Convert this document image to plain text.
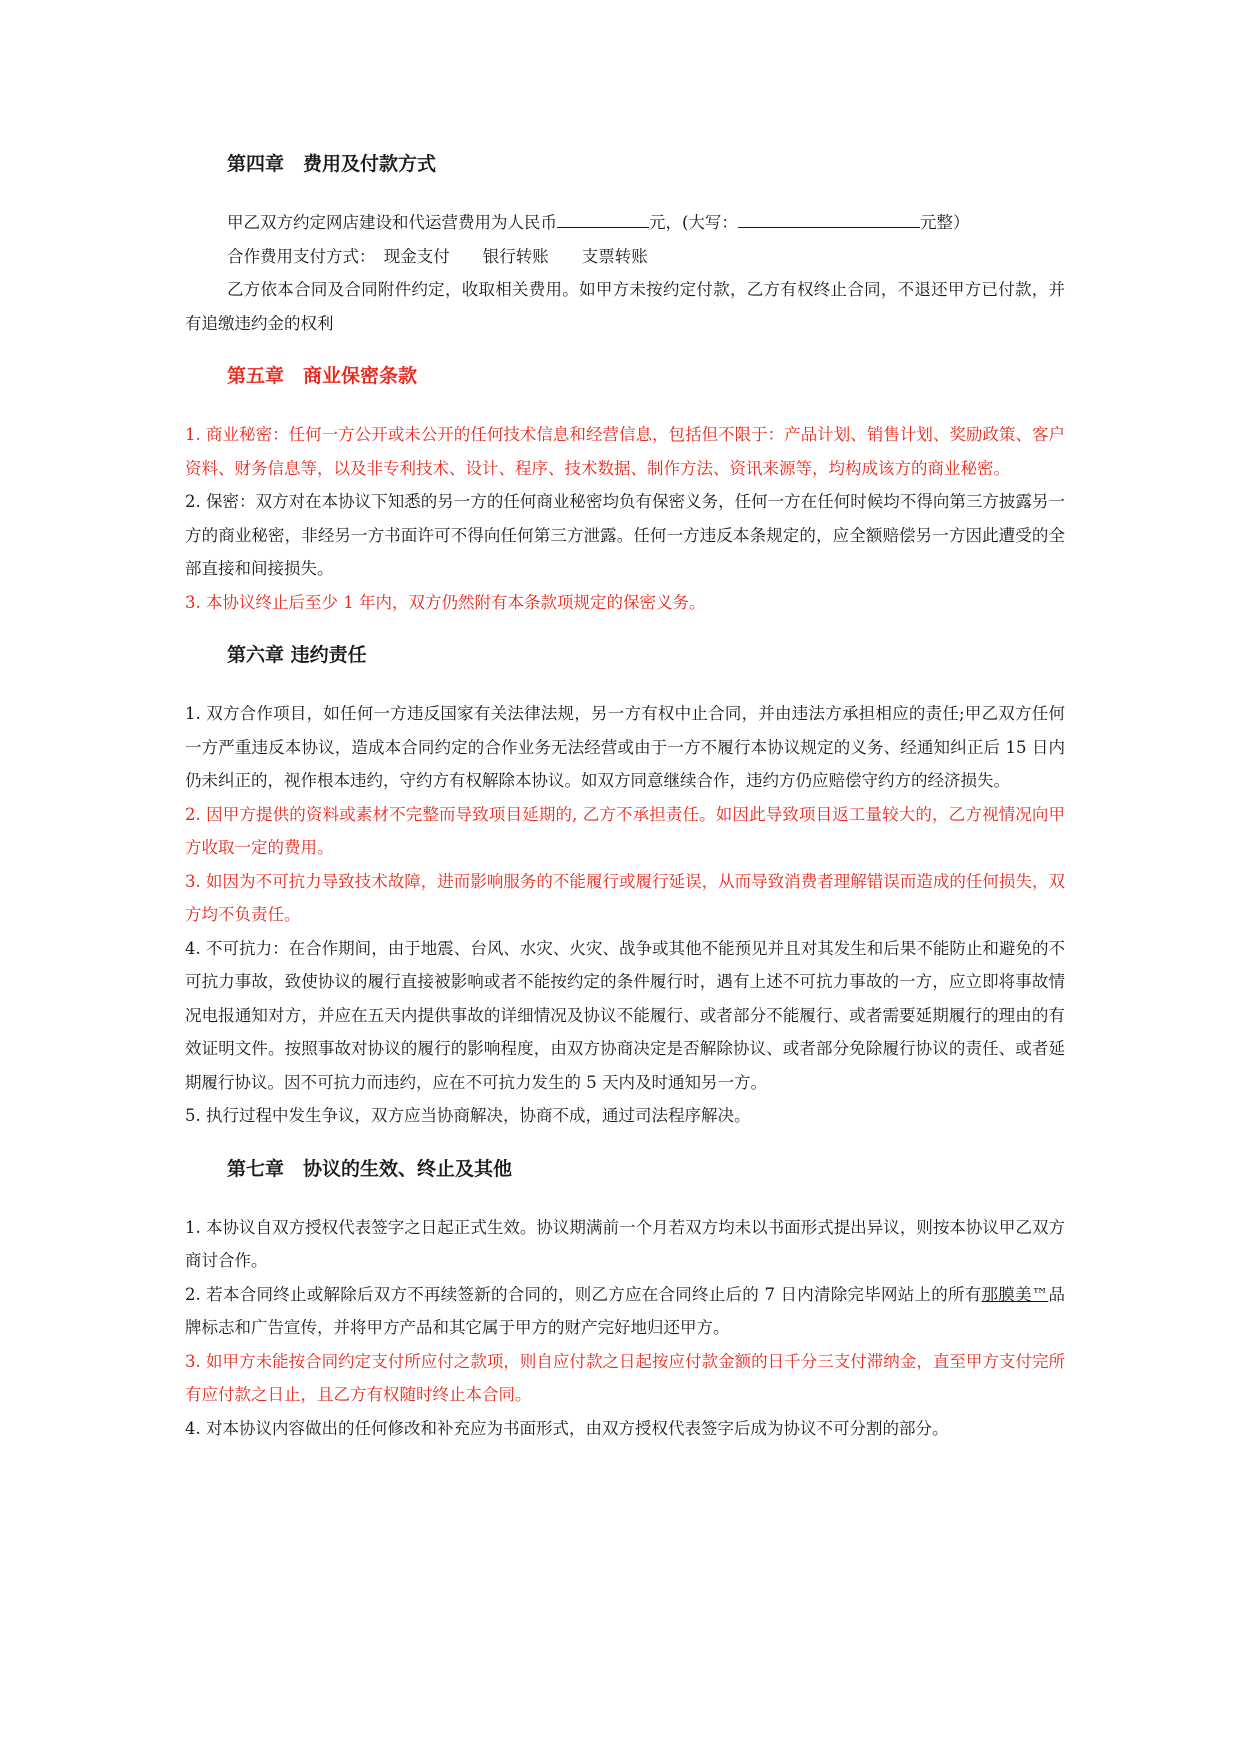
第四章　费用及付款方式
甲乙双方约定网店建设和代运营费用为人民币	元，(大写：	元整）
合作费用支付方式：　现金支付　　银行转账　　支票转账
乙方依本合同及合同附件约定，收取相关费用。如甲方未按约定付款，乙方有权终止合同，不退还甲方已付款，并有追缴违约金的权利
第五章　商业保密条款
1. 商业秘密：任何一方公开或未公开的任何技术信息和经营信息，包括但不限于：产品计划、销售计划、奖励政策、客户资料、财务信息等，以及非专利技术、设计、程序、技术数据、制作方法、资讯来源等，均构成该方的商业秘密。
2. 保密：双方对在本协议下知悉的另一方的任何商业秘密均负有保密义务，任何一方在任何时候均不得向第三方披露另一方的商业秘密，非经另一方书面许可不得向任何第三方泄露。任何一方违反本条规定的，应全额赔偿另一方因此遭受的全部直接和间接损失。
3. 本协议终止后至少 1 年内，双方仍然附有本条款项规定的保密义务。
第六章 违约责任
1. 双方合作项目，如任何一方违反国家有关法律法规，另一方有权中止合同，并由违法方承担相应的责任;甲乙双方任何一方严重违反本协议，造成本合同约定的合作业务无法经营或由于一方不履行本协议规定的义务、经通知纠正后 15 日内仍未纠正的，视作根本违约，守约方有权解除本协议。如双方同意继续合作，违约方仍应赔偿守约方的经济损失。
2. 因甲方提供的资料或素材不完整而导致项目延期的, 乙方不承担责任。如因此导致项目返工量较大的，乙方视情况向甲方收取一定的费用。
3. 如因为不可抗力导致技术故障，进而影响服务的不能履行或履行延误，从而导致消费者理解错误而造成的任何损失，双方均不负责任。
4. 不可抗力：在合作期间，由于地震、台风、水灾、火灾、战争或其他不能预见并且对其发生和后果不能防止和避免的不可抗力事故，致使协议的履行直接被影响或者不能按约定的条件履行时，遇有上述不可抗力事故的一方，应立即将事故情况电报通知对方，并应在五天内提供事故的详细情况及协议不能履行、或者部分不能履行、或者需要延期履行的理由的有效证明文件。按照事故对协议的履行的影响程度，由双方协商决定是否解除协议、或者部分免除履行协议的责任、或者延期履行协议。因不可抗力而违约，应在不可抗力发生的 5 天内及时通知另一方。
5. 执行过程中发生争议，双方应当协商解决，协商不成，通过司法程序解决。
第七章　协议的生效、终止及其他
1. 本协议自双方授权代表签字之日起正式生效。协议期满前一个月若双方均未以书面形式提出异议，则按本协议甲乙双方商讨合作。
2. 若本合同终止或解除后双方不再续签新的合同的，则乙方应在合同终止后的 7 日内清除完毕网站上的所有那膜美™品牌标志和广告宣传，并将甲方产品和其它属于甲方的财产完好地归还甲方。
3. 如甲方未能按合同约定支付所应付之款项，则自应付款之日起按应付款金额的日千分三支付滞纳金，直至甲方支付完所有应付款之日止，且乙方有权随时终止本合同。
4. 对本协议内容做出的任何修改和补充应为书面形式，由双方授权代表签字后成为协议不可分割的部分。
